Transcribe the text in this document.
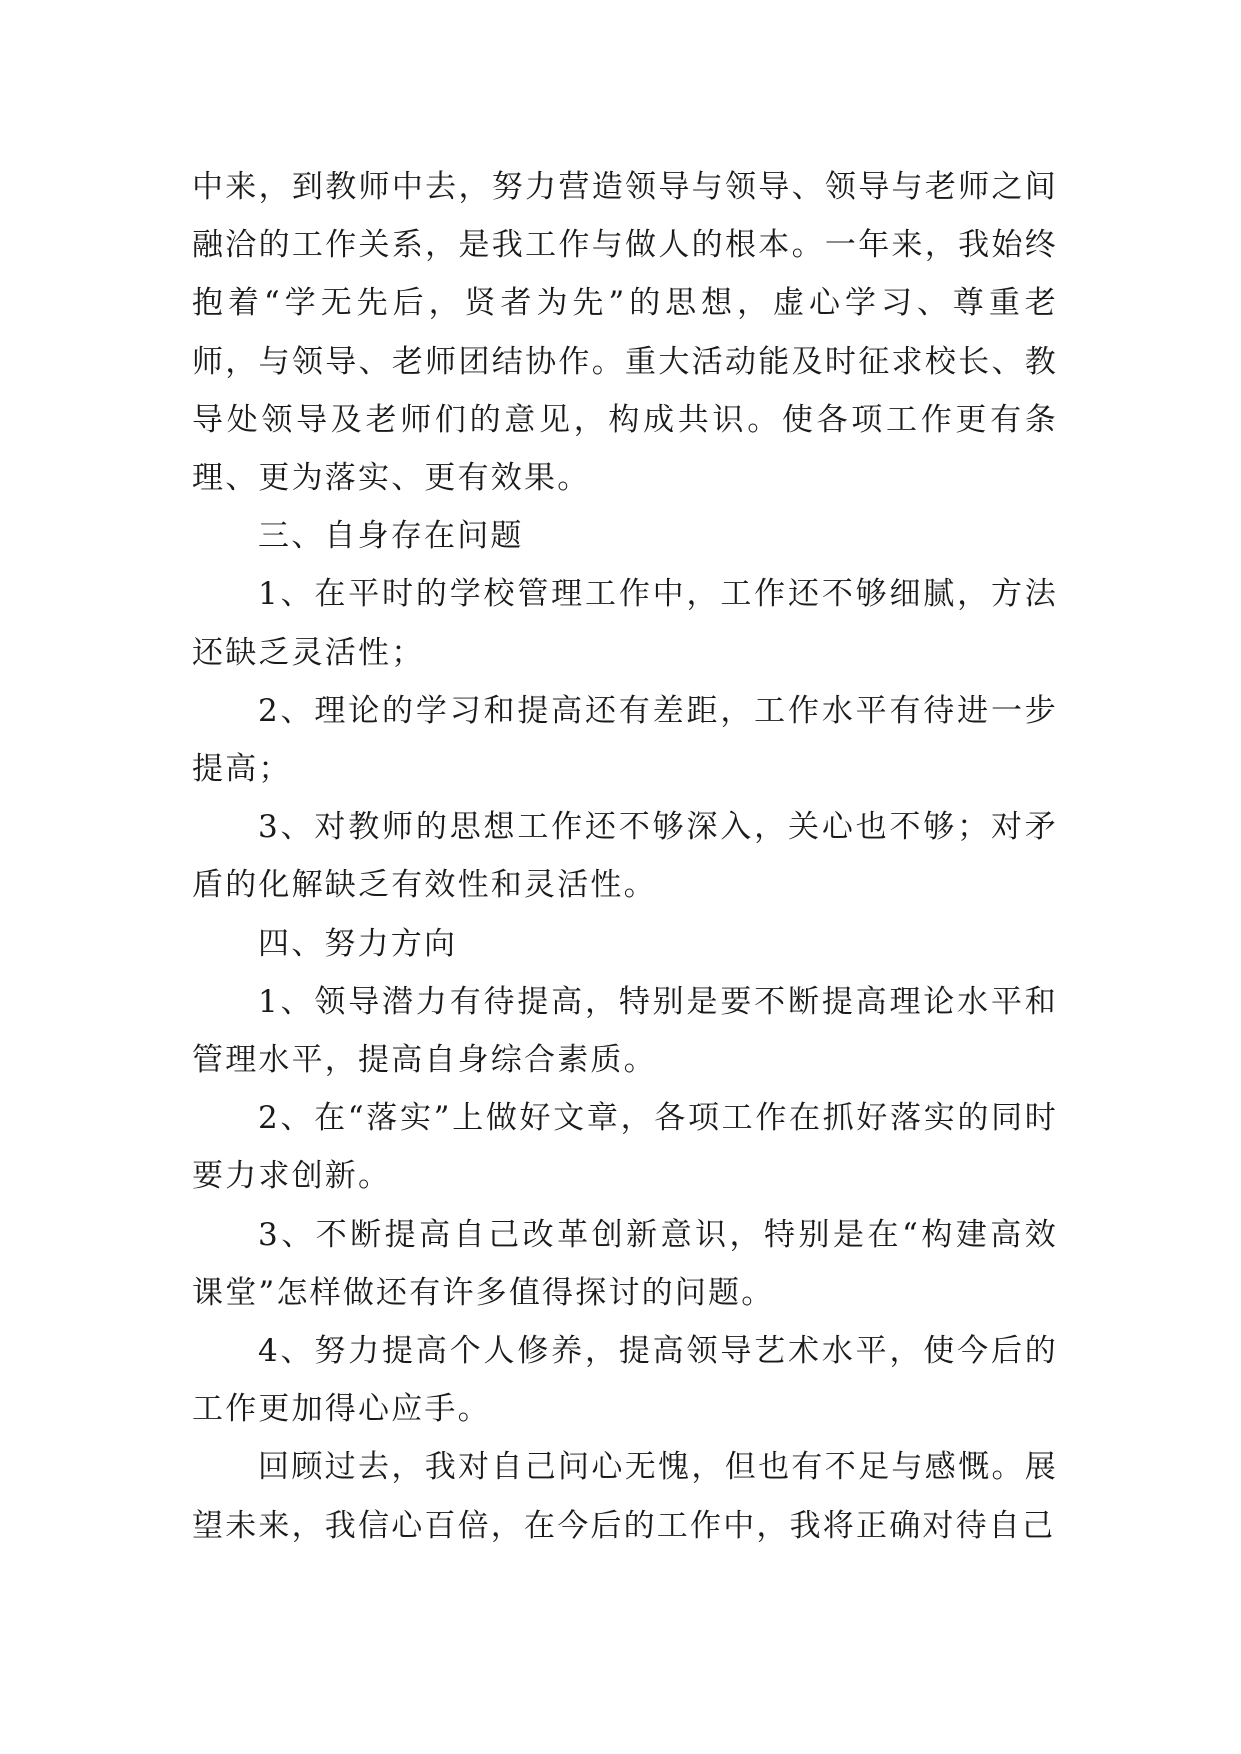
中来，到教师中去，努力营造领导与领导、领导与老师之间融洽的工作关系，是我工作与做人的根本。一年来，我始终抱着“学无先后，贤者为先”的思想，虚心学习、尊重老师，与领导、老师团结协作。重大活动能及时征求校长、教导处领导及老师们的意见，构成共识。使各项工作更有条理、更为落实、更有效果。

三、自身存在问题

1、在平时的学校管理工作中，工作还不够细腻，方法还缺乏灵活性；

2、理论的学习和提高还有差距，工作水平有待进一步提高；

3、对教师的思想工作还不够深入，关心也不够；对矛盾的化解缺乏有效性和灵活性。

四、努力方向

1、领导潜力有待提高，特别是要不断提高理论水平和管理水平，提高自身综合素质。

2、在“落实”上做好文章，各项工作在抓好落实的同时要力求创新。

3、不断提高自己改革创新意识，特别是在“构建高效课堂”怎样做还有许多值得探讨的问题。

4、努力提高个人修养，提高领导艺术水平，使今后的工作更加得心应手。

回顾过去，我对自己问心无愧，但也有不足与感慨。展望未来，我信心百倍，在今后的工作中，我将正确对待自己
